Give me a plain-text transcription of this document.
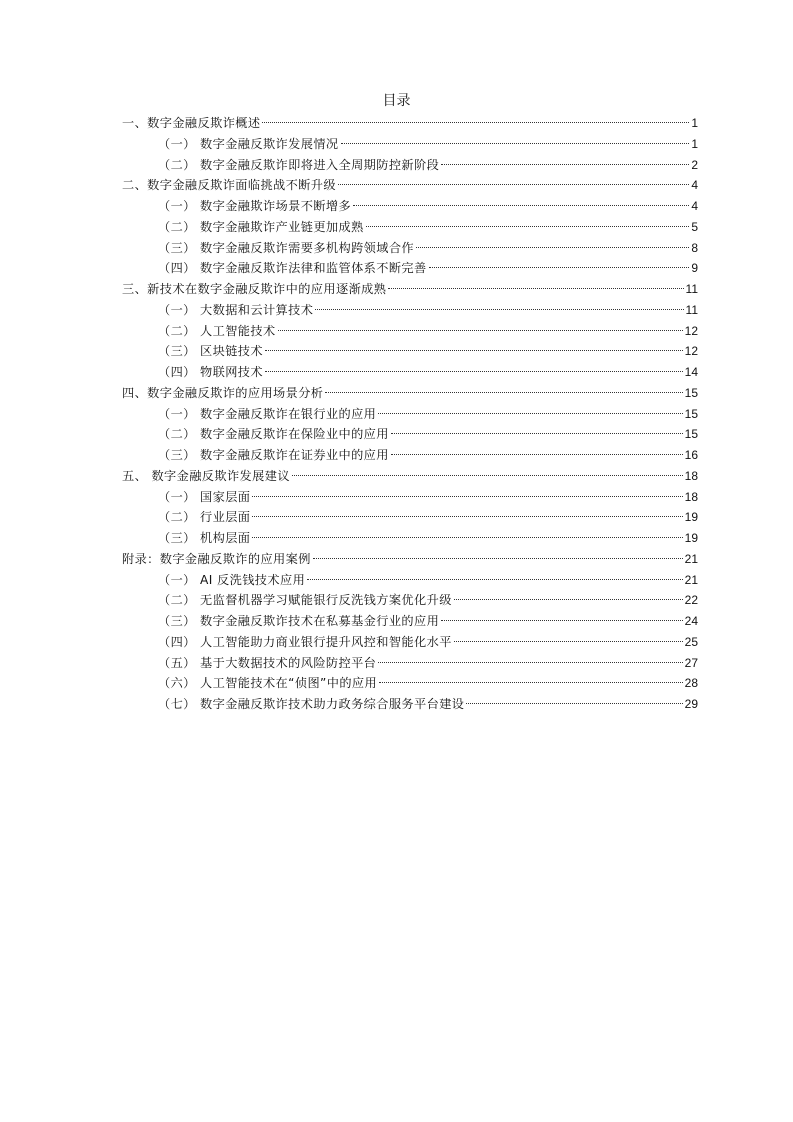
目录
一、数字金融反欺诈概述	1
（一） 数字金融反欺诈发展情况	1
（二） 数字金融反欺诈即将进入全周期防控新阶段	2
二、数字金融反欺诈面临挑战不断升级	4
（一） 数字金融欺诈场景不断增多	4
（二） 数字金融欺诈产业链更加成熟	5
（三） 数字金融反欺诈需要多机构跨领域合作	8
（四） 数字金融反欺诈法律和监管体系不断完善	9
三、新技术在数字金融反欺诈中的应用逐渐成熟	11
（一） 大数据和云计算技术	11
（二） 人工智能技术	12
（三） 区块链技术	12
（四） 物联网技术	14
四、数字金融反欺诈的应用场景分析	15
（一） 数字金融反欺诈在银行业的应用	15
（二） 数字金融反欺诈在保险业中的应用	15
（三） 数字金融反欺诈在证券业中的应用	16
五、 数字金融反欺诈发展建议	18
（一） 国家层面	18
（二） 行业层面	19
（三） 机构层面	19
附录：数字金融反欺诈的应用案例	21
（一） AI 反洗钱技术应用	21
（二） 无监督机器学习赋能银行反洗钱方案优化升级	22
（三） 数字金融反欺诈技术在私募基金行业的应用	24
（四） 人工智能助力商业银行提升风控和智能化水平	25
（五） 基于大数据技术的风险防控平台	27
（六） 人工智能技术在“侦图”中的应用	28
（七） 数字金融反欺诈技术助力政务综合服务平台建设	29
